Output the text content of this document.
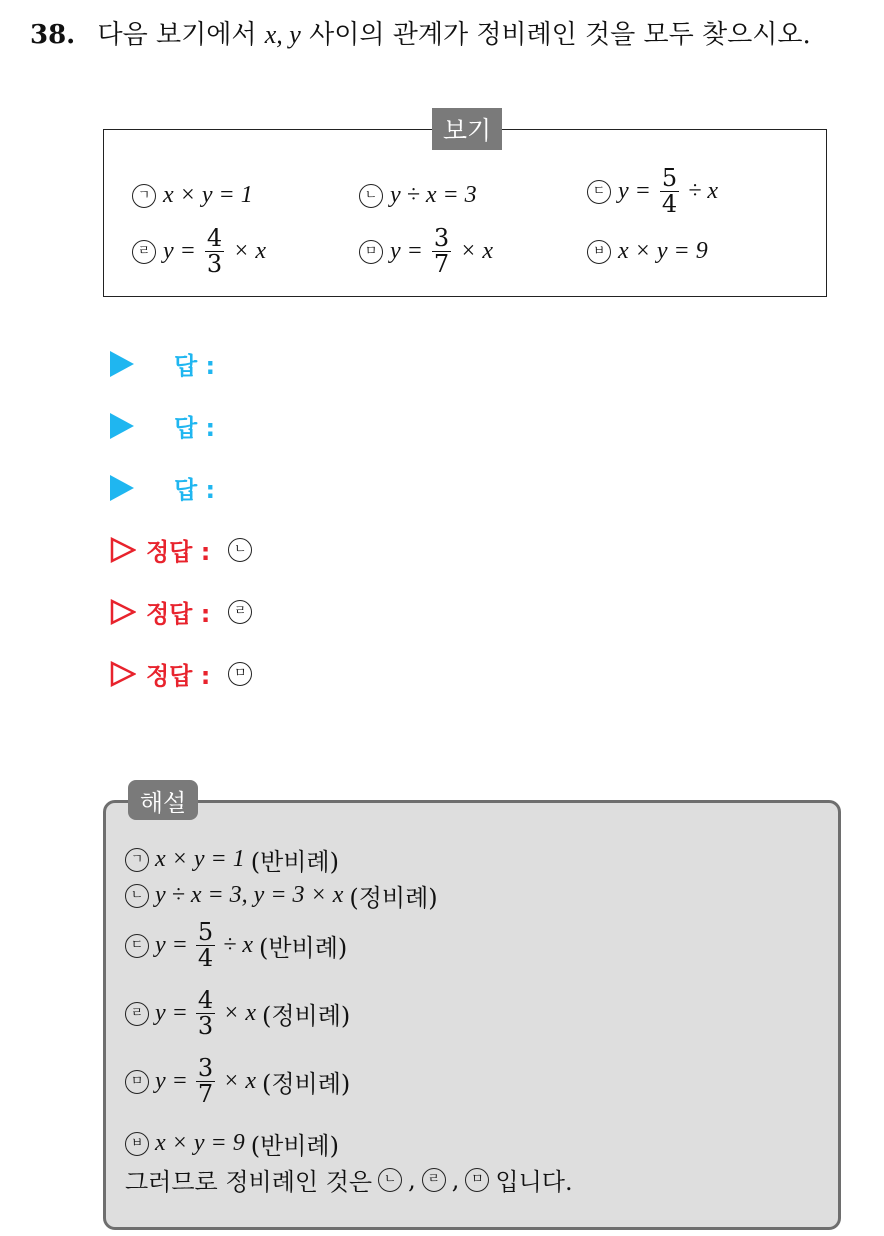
38. 다음 보기에서 x, y 사이의 관계가 정비례인 것을 모두 찾으시오.
보기
ㄱ x × y = 1	ㄴ y ÷ x = 3	ㄷ $y = \frac{5}{4} \div x$
ㄹ $y = \frac{4}{3} \times x$	ㅁ $y = \frac{3}{7} \times x$	ㅂ x × y = 9
답 :
답 :
답 :
정답 :	ㄴ
정답 :	ㄹ
정답 :	ㅁ
해설
ㄱ x × y = 1 (반비례)
ㄴ y ÷ x = 3, y = 3 × x (정비례)
ㄷ $y = \frac{5}{4} \div x$ (반비례)
ㄹ $y = \frac{4}{3} \times x$ (정비례)
ㅁ $y = \frac{3}{7} \times x$ (정비례)
ㅂ x × y = 9 (반비례)
그러므로 정비례인 것은 ㄴ , ㄹ , ㅁ 입니다.
